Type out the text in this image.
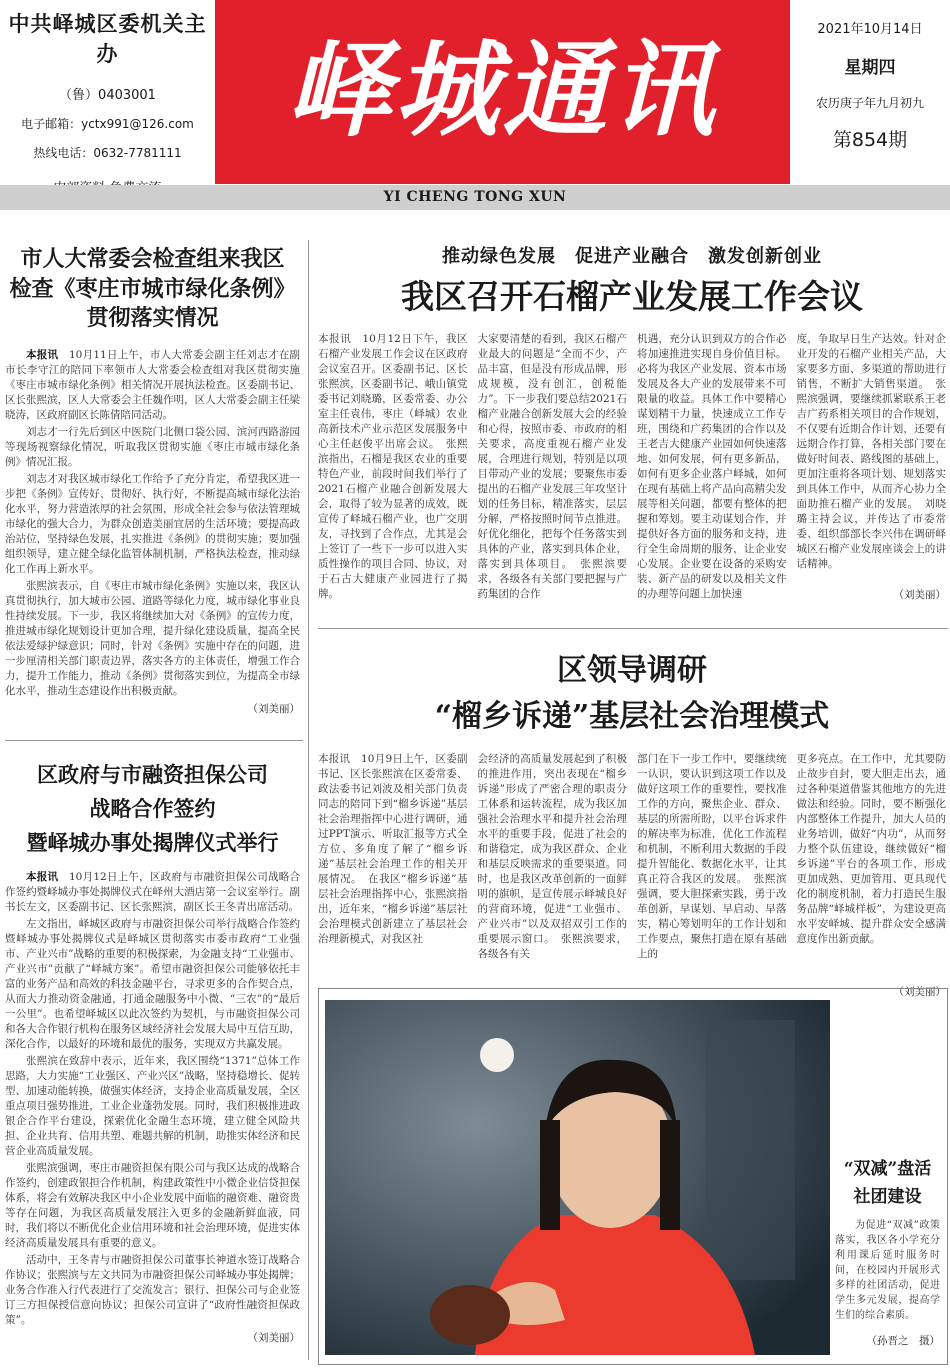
中共峄城区委机关主办
（鲁）0403001
电子邮箱：yctx991@126.com
热线电话：0632-7781111
峄城通讯	2021年10月14日
星期四
农历庚子年九月初九
第854期
YI CHENG TONG XUN
市人大常委会检查组来我区
检查《枣庄市城市绿化条例》
贯彻落实情况

本报讯　 10月11日上午，市人大常委会副主任刘志才在副市长李守江的陪同下率领市人大常委会检查组对我区贯彻实施《枣庄市城市绿化条例》相关情况开展执法检查。区委副书记、区长张熙滨，区人大常委会主任魏作明，区人大常委会副主任梁晓涛，区政府副区长陈倩陪同活动。

刘志才一行先后到区中医院门北侧口袋公园、滨河西路游园等现场视察绿化情况，听取我区贯彻实施《枣庄市城市绿化条例》情况汇报。

刘志才对我区城市绿化工作给予了充分肯定，希望我区进一步把《条例》宣传好、贯彻好、执行好，不断提高城市绿化法治化水平，努力营造浓厚的社会氛围，形成全社会参与依法管理城市绿化的强大合力，为群众创造美丽宜居的生活环境；要提高政治站位，坚持绿色发展，扎实推进《条例》的贯彻实施；要加强组织领导，建立健全绿化监管体制机制，严格执法检查，推动绿化工作再上新水平。

张熙滨表示，自《枣庄市城市绿化条例》实施以来，我区认真贯彻执行，加大城市公园、道路等绿化力度，城市绿化事业良性持续发展。下一步，我区将继续加大对《条例》的宣传力度，推进城市绿化规划设计更加合理，提升绿化建设质量，提高全民依法爱绿护绿意识；同时，针对《条例》实施中存在的问题，进一步厘清相关部门职责边界，落实各方的主体责任，增强工作合力，提升工作能力，推动《条例》贯彻落实到位，为提高全市绿化水平，推动生态建设作出积极贡献。

（刘美丽）
区政府与市融资担保公司
战略合作签约
暨峄城办事处揭牌仪式举行

本报讯　 10月12日上午，区政府与市融资担保公司战略合作签约暨峄城办事处揭牌仪式在峄州大酒店第一会议室举行。副书长左文，区委副书记、区长张熙滨，副区长王冬青出席活动。

左文指出，峄城区政府与市融资担保公司举行战略合作签约暨峄城办事处揭牌仪式是峄城区贯彻落实市委市政府“工业强市、产业兴市”战略的重要的积极探索，为金融支持“工业强市、产业兴市”贡献了“峄城方案”。希望市融资担保公司能够依托丰富的业务产品和高效的科技金融平台，寻求更多的合作契合点，从而大力推动资金融通，打通金融服务中小微、“三农”的“最后一公里”。也希望峄城区以此次签约为契机，与市融资担保公司和各大合作银行机构在服务区域经济社会发展大局中互信互助，深化合作，以最好的环境和最优的服务，实现双方共赢发展。

张熙滨在致辞中表示，近年来，我区围绕“1371”总体工作思路，大力实施“工业强区、产业兴区”战略，坚持稳增长、促转型、加速动能转换，做强实体经济，支持企业高质量发展，全区重点项目强势推进，工业企业蓬勃发展。同时，我们积极推进政银企合作平台建设，探索优化金融生态环境，建立健全风险共担、企业共育、信用共塑、难题共解的机制，助推实体经济和民营企业高质量发展。

张熙滨强调，枣庄市融资担保有限公司与我区达成的战略合作签约，创建政银担合作机制，构建政策性中小微企业信贷担保体系，将会有效解决我区中小企业发展中面临的融资难、融资贵等存在问题，为我区高质量发展注入更多的金融新鲜血液，同时，我们将以不断优化企业信用环境和社会治理环境，促进实体经济高质量发展具有重要的意义。

活动中，王冬青与市融资担保公司董事长神道水签订战略合作协议；张熙滨与左文共同为市融资担保公司峄城办事处揭牌；业务合作准入行代表进行了交流发言；银行、担保公司与企业签订三方担保授信意向协议；担保公司宣讲了“政府性融资担保政策”。

（刘美丽）
推动绿色发展　促进产业融合　激发创新创业
我区召开石榴产业发展工作会议
本报讯　10月12日下午，我区石榴产业发展工作会议在区政府会议室召开。区委副书记、区长张熙滨，区委副书记、峨山镇党委书记刘晓璐，区委常委、办公室主任袁伟，枣庄（峄城）农业高新技术产业示范区发展服务中心主任赵俊平出席会议。　张熙滨指出，石榴是我区农业的重要特色产业，前段时间我们举行了2021石榴产业融合创新发展大会，取得了较为显著的成效，既宣传了峄城石榴产业，也广交朋友，寻找到了合作点，尤其是会上签订了一些下一步可以进入实质性操作的项目合同、协议，对于石古大健康产业园进行了揭牌。
大家要清楚的看到，我区石榴产业最大的问题是“全而不少，产品丰富，但是没有形成品牌，形成规模，没有创汇，创税能力”。下一步我们要总结2021石榴产业融合创新发展大会的经验和心得，按照市委、市政府的相关要求，高度重视石榴产业发展，合理进行规划，特别是以项目带动产业的发展；要聚焦市委提出的石榴产业发展三年攻坚计划的任务目标，精准落实，层层分解，严格按照时间节点推进。好优化细化，把每个任务落实到具体的产业，落实到具体企业，落实到具体项目。　张熙滨要求，各级各有关部门要把握与广药集团的合作
机遇，充分认识到双方的合作必将加速推进实现自身价值目标。必将为我区产业发展、资本市场发展及各大产业的发展带来不可限量的收益。具体工作中要精心谋划精干力量，快速成立工作专班，围绕和广药集团的合作以及王老吉大健康产业园如何快速落地、如何发展，何有更多新品，如何有更多企业落户峄城，如何在现有基础上将产品向高精尖发展等相关问题，都要有整体的把握和筹划。要主动谋划合作，并提供好各方面的服务和支持，进行全生命周期的服务，让企业安心发展。企业要在设备的采购安装、新产品的研发以及相关文件的办理等问题上加快速
度，争取早日生产达效。针对企业开发的石榴产业相关产品，大家要多方面、多渠道的帮助进行销售，不断扩大销售渠道。　张熙滨强调，要继续抓紧联系王老吉广药系相关项目的合作规划，不仅要有近期合作计划，还要有远期合作打算，各相关部门要在做好时间表、路线图的基础上，更加注重将各项计划、规划落实到具体工作中，从而齐心协力全面助推石榴产业的发展。　刘晓璐主持会议，并传达了市委常委、组织部部长李兴伟在调研峄城区石榴产业发展座谈会上的讲话精神。
（刘美丽）
区领导调研
“榴乡诉递”基层社会治理模式
本报讯　10月9日上午，区委副书记、区长张熙滨在区委常委、政法委书记刘波及相关部门负责同志的陪同下到“榴乡诉递”基层社会治理指挥中心进行调研，通过PPT演示、听取汇报等方式全方位、多角度了解了“榴乡诉递”基层社会治理工作的相关开展情况。　在我区“榴乡诉递”基层社会治理指挥中心，张熙滨指出，近年来，“榴乡诉递”基层社会治理模式创新建立了基层社会治理新模式，对我区社
会经济的高质量发展起到了积极的推进作用，突出表现在“榴乡诉递”形成了严密合理的职责分工体系和运转流程，成为我区加强社会治理水平和提升社会治理水平的重要手段，促进了社会的和谐稳定，成为我区群众、企业和基层反映需求的重要渠道。同时，也是我区改革创新的一面鲜明的旗帜，是宣传展示峄城良好的营商环境，促进“工业强市、产业兴市”以及双招双引工作的重要展示窗口。　张熙滨要求，各级各有关
部门在下一步工作中，要继续统一认识，要认识到这项工作以及做好这项工作的重要性，要找准工作的方向，聚焦企业、群众、基层的所需所盼，以平台诉求件的解决率为标准，优化工作流程和机制，不断利用大数据的手段提升智能化、数据化水平，让其真正符合我区的发展。　张熙滨强调，要大胆探索实践，勇于改革创新，早谋划、早启动、早落实，精心筹划明年的工作计划和工作要点，聚焦打造在原有基础上的
更多亮点。在工作中，尤其要防止故步自封，要大胆走出去，通过各种渠道借鉴其他地方的先进做法和经验。同时，要不断强化内部整体工作提升，加大人员的业务培训，做好“内功”，从而努力整个队伍建设，继续做好“榴乡诉递”平台的各项工作，形成更加成熟、更加管用、更具现代化的制度机制，着力打造民生服务品牌“峄城样板”，为建设更高水平安峄城、提升群众安全感满意度作出新贡献。
（刘美丽）
“双减”盘活
社团建设
为促进“双减”政策落实，我区各小学充分利用课后延时服务时间，在校园内开展形式多样的社团活动，促进学生多元发展，提高学生们的综合素质。
（孙晋之　摄）
